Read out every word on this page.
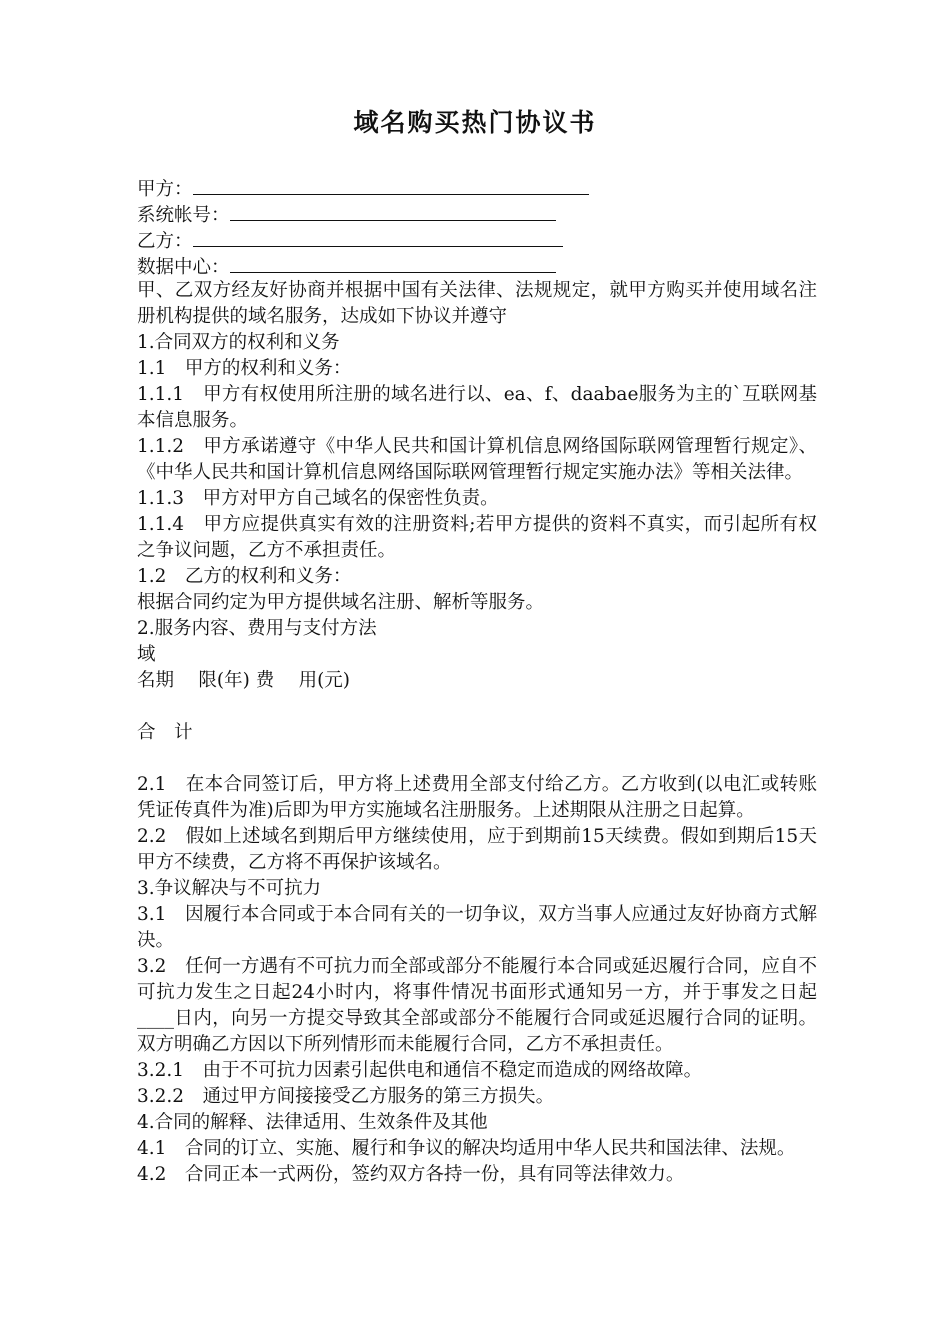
域名购买热门协议书
甲方：
系统帐号：
乙方：
数据中心：
甲、乙双方经友好协商并根据中国有关法律、法规规定，就甲方购买并使用域名注册机构提供的域名服务，达成如下协议并遵守
1.合同双方的权利和义务
1.1　甲方的权利和义务：
1.1.1　甲方有权使用所注册的域名进行以、ea、f、daabae服务为主的`互联网基本信息服务。
1.1.2　甲方承诺遵守《中华人民共和国计算机信息网络国际联网管理暂行规定》、《中华人民共和国计算机信息网络国际联网管理暂行规定实施办法》等相关法律。
1.1.3　甲方对甲方自己域名的保密性负责。
1.1.4　甲方应提供真实有效的注册资料;若甲方提供的资料不真实，而引起所有权之争议问题，乙方不承担责任。
1.2　乙方的权利和义务：
根据合同约定为甲方提供域名注册、解析等服务。
2.服务内容、费用与支付方法
域
名期　 限(年) 费　 用(元)
合　计
2.1　在本合同签订后，甲方将上述费用全部支付给乙方。乙方收到(以电汇或转账凭证传真件为准)后即为甲方实施域名注册服务。上述期限从注册之日起算。
2.2　假如上述域名到期后甲方继续使用，应于到期前15天续费。假如到期后15天甲方不续费，乙方将不再保护该域名。
3.争议解决与不可抗力
3.1　因履行本合同或于本合同有关的一切争议，双方当事人应通过友好协商方式解决。
3.2　任何一方遇有不可抗力而全部或部分不能履行本合同或延迟履行合同，应自不可抗力发生之日起24小时内，将事件情况书面形式通知另一方，并于事发之日起____日内，向另一方提交导致其全部或部分不能履行合同或延迟履行合同的证明。双方明确乙方因以下所列情形而未能履行合同，乙方不承担责任。
3.2.1　由于不可抗力因素引起供电和通信不稳定而造成的网络故障。
3.2.2　通过甲方间接接受乙方服务的第三方损失。
4.合同的解释、法律适用、生效条件及其他
4.1　合同的订立、实施、履行和争议的解决均适用中华人民共和国法律、法规。
4.2　合同正本一式两份，签约双方各持一份，具有同等法律效力。
